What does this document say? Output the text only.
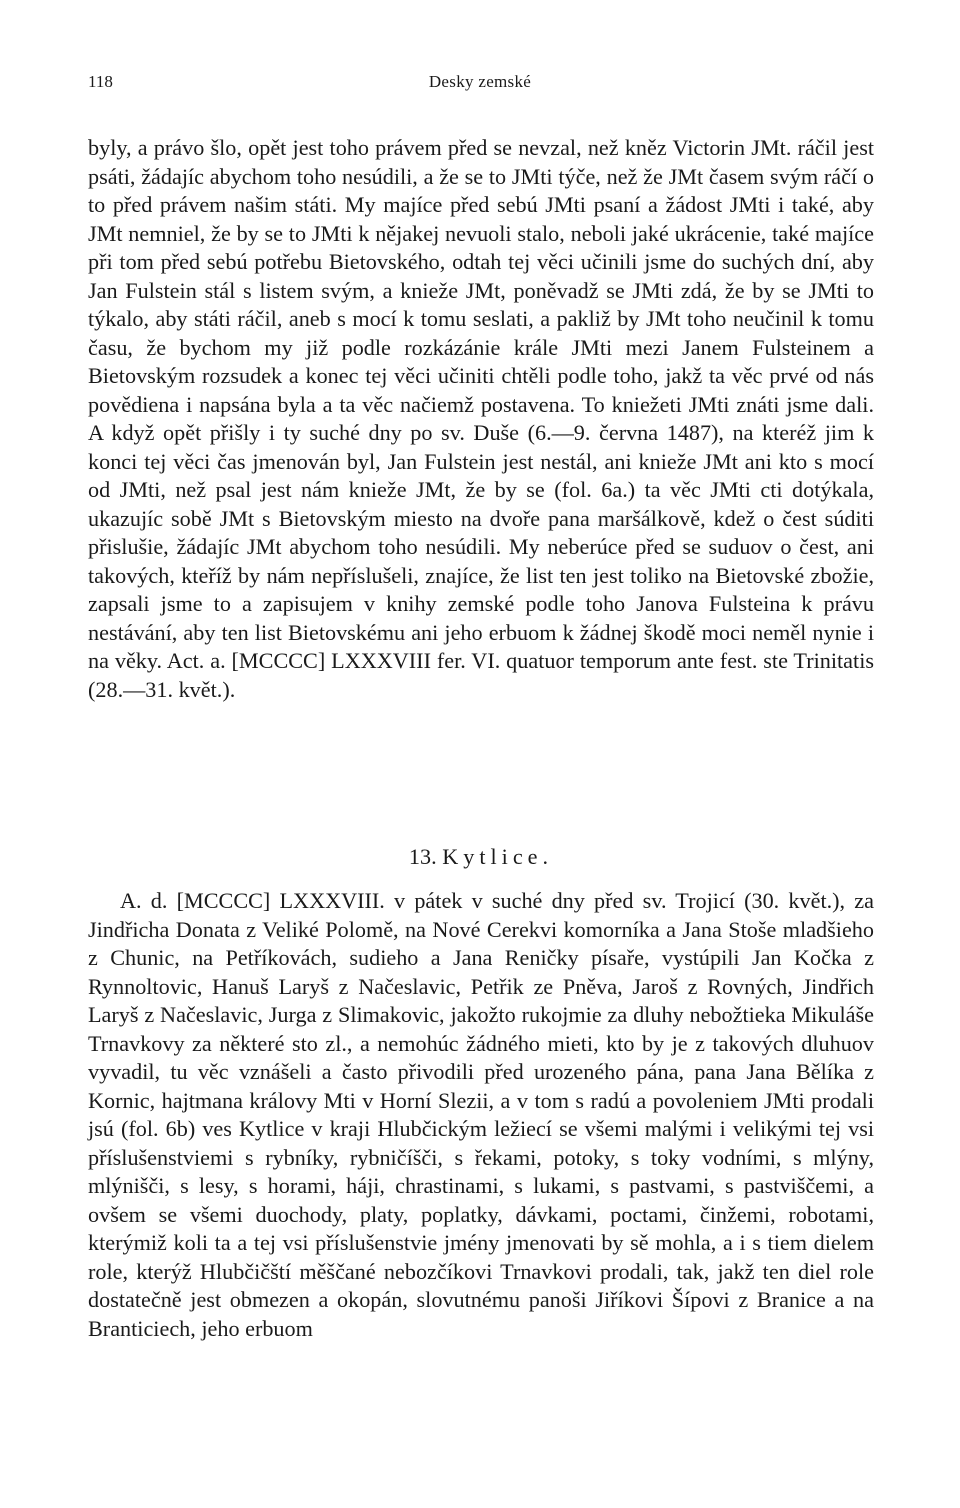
118	Desky zemské

byly, a právo šlo, opět jest toho právem před se nevzal, než kněz Victorin JMt. ráčil jest psáti, žádajíc abychom toho nesúdili, a že se to JMti týče, než že JMt časem svým ráčí o to před právem našim státi. My majíce před sebú JMti psaní a žádost JMti i také, aby JMt nemniel, že by se to JMti k nějakej nevuoli stalo, neboli jaké ukrácenie, také majíce při tom před sebú potřebu Bietovského, odtah tej věci učinili jsme do suchých dní, aby Jan Fulstein stál s listem svým, a knieže JMt, poněvadž se JMti zdá, že by se JMti to týkalo, aby státi ráčil, aneb s mocí k tomu seslati, a pakliž by JMt toho neučinil k tomu času, že bychom my již podle rozkázánie krále JMti mezi Janem Fulsteinem a Bietovským rozsudek a konec tej věci učiniti chtěli podle toho, jakž ta věc prvé od nás povědiena i napsána byla a ta věc načiemž postavena. To kniežeti JMti znáti jsme dali. A když opět přišly i ty suché dny po sv. Duše (6.—9. června 1487), na kteréž jim k konci tej věci čas jmenován byl, Jan Fulstein jest nestál, ani knieže JMt ani kto s mocí od JMti, než psal jest nám knieže JMt, že by se (fol. 6a.) ta věc JMti cti dotýkala, ukazujíc sobě JMt s Bietovským miesto na dvoře pana maršálkově, kdež o čest súditi přislušie, žádajíc JMt abychom toho nesúdili. My neberúce před se suduov o čest, ani takových, kteříž by nám nepříslušeli, znajíce, že list ten jest toliko na Bietovské zbožie, zapsali jsme to a zapisujem v knihy zemské podle toho Janova Fulsteina k právu nestávání, aby ten list Bietovskému ani jeho erbuom k žádnej škodě moci neměl nynie i na věky. Act. a. [MCCCC] LXXXVIII fer. VI. quatuor temporum ante fest. ste Trinitatis (28.—31. květ.).

13. Kytlice.

A. d. [MCCCC] LXXXVIII. v pátek v suché dny před sv. Trojicí (30. květ.), za Jindřicha Donata z Veliké Polomě, na Nové Cerekvi komorníka a Jana Stoše mladšieho z Chunic, na Petříkovách, sudieho a Jana Reničky písaře, vystúpili Jan Kočka z Rynnoltovic, Hanuš Laryš z Načeslavic, Petřik ze Pněva, Jaroš z Rovných, Jindřich Laryš z Načeslavic, Jurga z Slimakovic, jakožto rukojmie za dluhy nebožtieka Mikuláše Trnavkovy za některé sto zl., a nemohúc žádného mieti, kto by je z takových dluhuov vyvadil, tu věc vznášeli a často přivodili před urozeného pána, pana Jana Bělíka z Kornic, hajtmana královy Mti v Horní Slezii, a v tom s radú a povoleniem JMti prodali jsú (fol. 6b) ves Kytlice v kraji Hlubčickým ležiecí se všemi malými i velikými tej vsi příslušenstviemi s rybníky, rybničíšči, s řekami, potoky, s toky vodními, s mlýny, mlýnišči, s lesy, s horami, háji, chrastinami, s lukami, s pastvami, s pastviščemi, a ovšem se všemi duochody, platy, poplatky, dávkami, poctami, činžemi, robotami, kterýmiž koli ta a tej vsi příslušenstvie jmény jmenovati by sě mohla, a i s tiem dielem role, kterýž Hlubčičští měščané nebozčíkovi Trnavkovi prodali, tak, jakž ten diel role dostatečně jest obmezen a okopán, slovutnému panoši Jiříkovi Šípovi z Branice a na Branticiech, jeho erbuom
